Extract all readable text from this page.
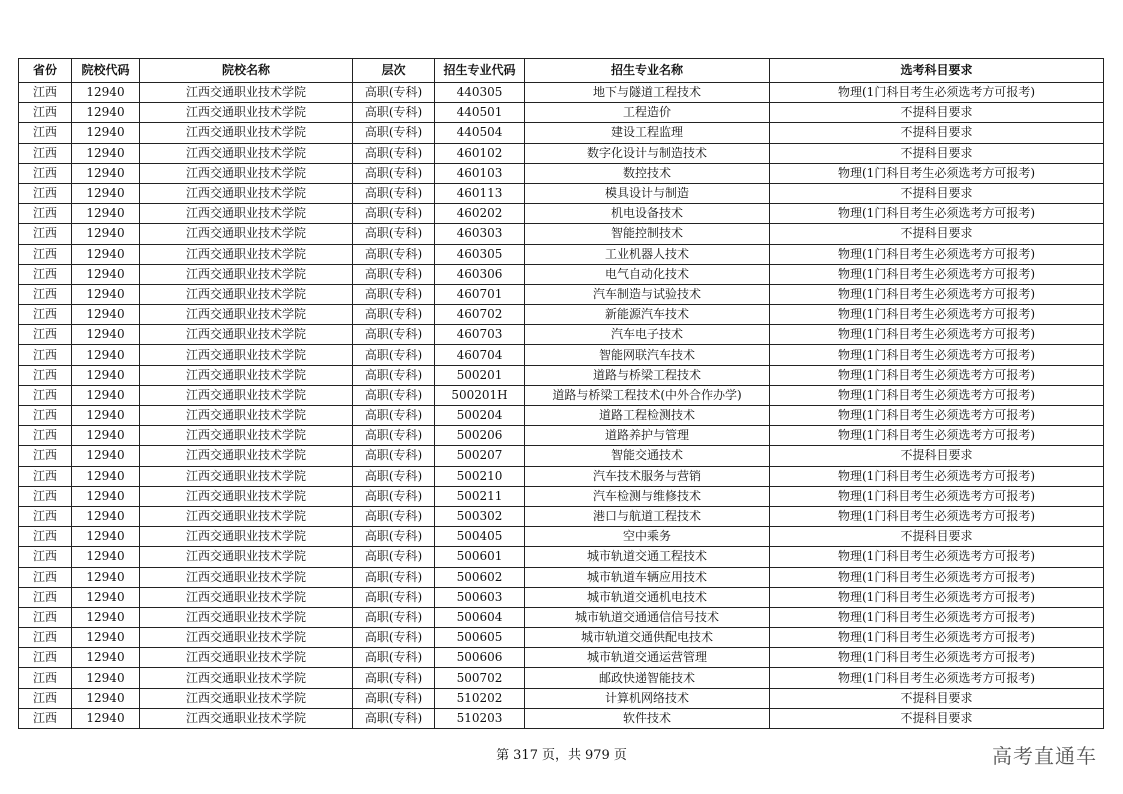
省份	院校代码	院校名称	层次	招生专业代码	招生专业名称	选考科目要求
江西	12940	江西交通职业技术学院	高职(专科)	440305	地下与隧道工程技术	物理(1门科目考生必须选考方可报考)
江西	12940	江西交通职业技术学院	高职(专科)	440501	工程造价	不提科目要求
江西	12940	江西交通职业技术学院	高职(专科)	440504	建设工程监理	不提科目要求
江西	12940	江西交通职业技术学院	高职(专科)	460102	数字化设计与制造技术	不提科目要求
江西	12940	江西交通职业技术学院	高职(专科)	460103	数控技术	物理(1门科目考生必须选考方可报考)
江西	12940	江西交通职业技术学院	高职(专科)	460113	模具设计与制造	不提科目要求
江西	12940	江西交通职业技术学院	高职(专科)	460202	机电设备技术	物理(1门科目考生必须选考方可报考)
江西	12940	江西交通职业技术学院	高职(专科)	460303	智能控制技术	不提科目要求
江西	12940	江西交通职业技术学院	高职(专科)	460305	工业机器人技术	物理(1门科目考生必须选考方可报考)
江西	12940	江西交通职业技术学院	高职(专科)	460306	电气自动化技术	物理(1门科目考生必须选考方可报考)
江西	12940	江西交通职业技术学院	高职(专科)	460701	汽车制造与试验技术	物理(1门科目考生必须选考方可报考)
江西	12940	江西交通职业技术学院	高职(专科)	460702	新能源汽车技术	物理(1门科目考生必须选考方可报考)
江西	12940	江西交通职业技术学院	高职(专科)	460703	汽车电子技术	物理(1门科目考生必须选考方可报考)
江西	12940	江西交通职业技术学院	高职(专科)	460704	智能网联汽车技术	物理(1门科目考生必须选考方可报考)
江西	12940	江西交通职业技术学院	高职(专科)	500201	道路与桥梁工程技术	物理(1门科目考生必须选考方可报考)
江西	12940	江西交通职业技术学院	高职(专科)	500201H	道路与桥梁工程技术(中外合作办学)	物理(1门科目考生必须选考方可报考)
江西	12940	江西交通职业技术学院	高职(专科)	500204	道路工程检测技术	物理(1门科目考生必须选考方可报考)
江西	12940	江西交通职业技术学院	高职(专科)	500206	道路养护与管理	物理(1门科目考生必须选考方可报考)
江西	12940	江西交通职业技术学院	高职(专科)	500207	智能交通技术	不提科目要求
江西	12940	江西交通职业技术学院	高职(专科)	500210	汽车技术服务与营销	物理(1门科目考生必须选考方可报考)
江西	12940	江西交通职业技术学院	高职(专科)	500211	汽车检测与维修技术	物理(1门科目考生必须选考方可报考)
江西	12940	江西交通职业技术学院	高职(专科)	500302	港口与航道工程技术	物理(1门科目考生必须选考方可报考)
江西	12940	江西交通职业技术学院	高职(专科)	500405	空中乘务	不提科目要求
江西	12940	江西交通职业技术学院	高职(专科)	500601	城市轨道交通工程技术	物理(1门科目考生必须选考方可报考)
江西	12940	江西交通职业技术学院	高职(专科)	500602	城市轨道车辆应用技术	物理(1门科目考生必须选考方可报考)
江西	12940	江西交通职业技术学院	高职(专科)	500603	城市轨道交通机电技术	物理(1门科目考生必须选考方可报考)
江西	12940	江西交通职业技术学院	高职(专科)	500604	城市轨道交通通信信号技术	物理(1门科目考生必须选考方可报考)
江西	12940	江西交通职业技术学院	高职(专科)	500605	城市轨道交通供配电技术	物理(1门科目考生必须选考方可报考)
江西	12940	江西交通职业技术学院	高职(专科)	500606	城市轨道交通运营管理	物理(1门科目考生必须选考方可报考)
江西	12940	江西交通职业技术学院	高职(专科)	500702	邮政快递智能技术	物理(1门科目考生必须选考方可报考)
江西	12940	江西交通职业技术学院	高职(专科)	510202	计算机网络技术	不提科目要求
江西	12940	江西交通职业技术学院	高职(专科)	510203	软件技术	不提科目要求
第 317 页，共 979 页	高考直通车
